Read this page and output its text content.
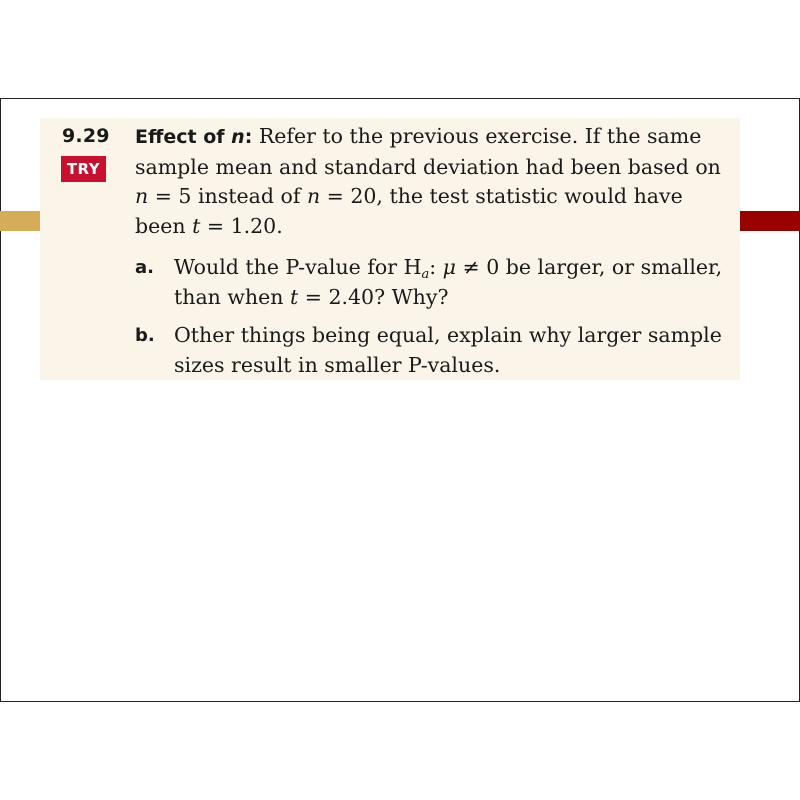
9.29
TRY
Effect of n: Refer to the previous exercise. If the same sample mean and standard deviation had been based on n = 5 instead of n = 20, the test statistic would have been t = 1.20.
a. Would the P-value for $H_a$: μ ≠ 0 be larger, or smaller, than when t = 2.40? Why?
b. Other things being equal, explain why larger sample sizes result in smaller P-values.
